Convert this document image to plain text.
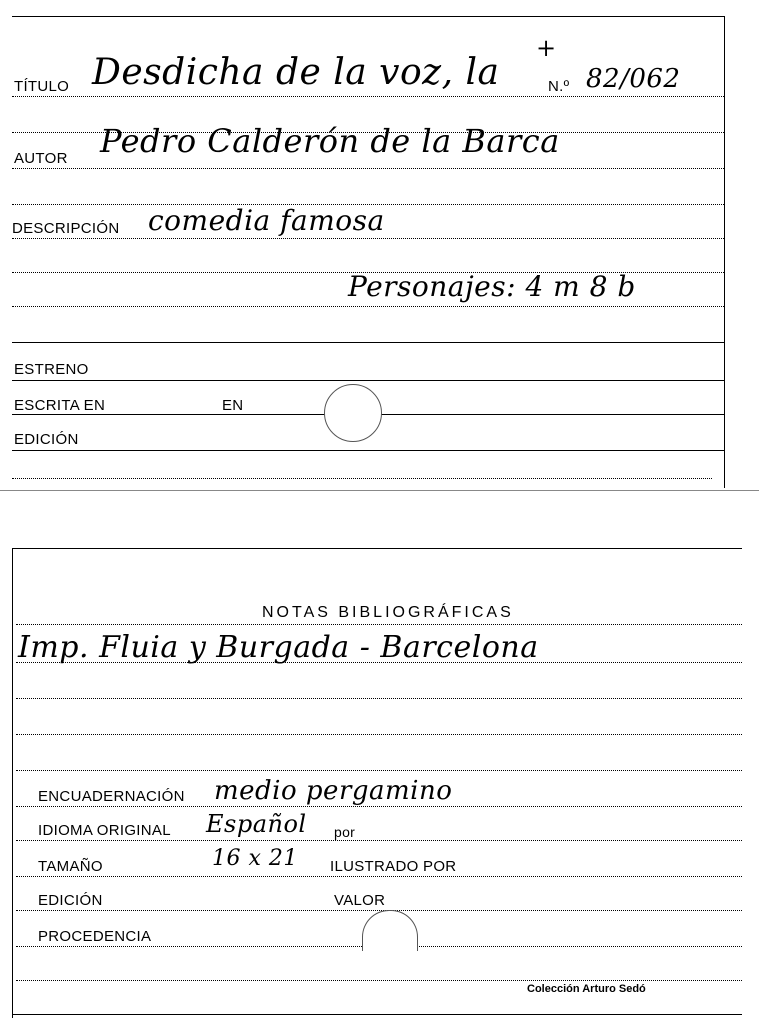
TÍTULO Desdicha de la voz, la
+
N.º 82/062
AUTOR Pedro Calderón de la Barca
DESCRIPCIÓN comedia famosa
Personajes: 4 m 8 b
ESTRENO
ESCRITA EN	EN
EDICIÓN
NOTAS BIBLIOGRÁFICAS
Imp. Fluia y Burgada - Barcelona
ENCUADERNACIÓN medio pergamino
IDIOMA ORIGINAL Español por
TAMAÑO	16 x 21 ILUSTRADO POR
EDICIÓN	VALOR
PROCEDENCIA
Colección Arturo Sedó
